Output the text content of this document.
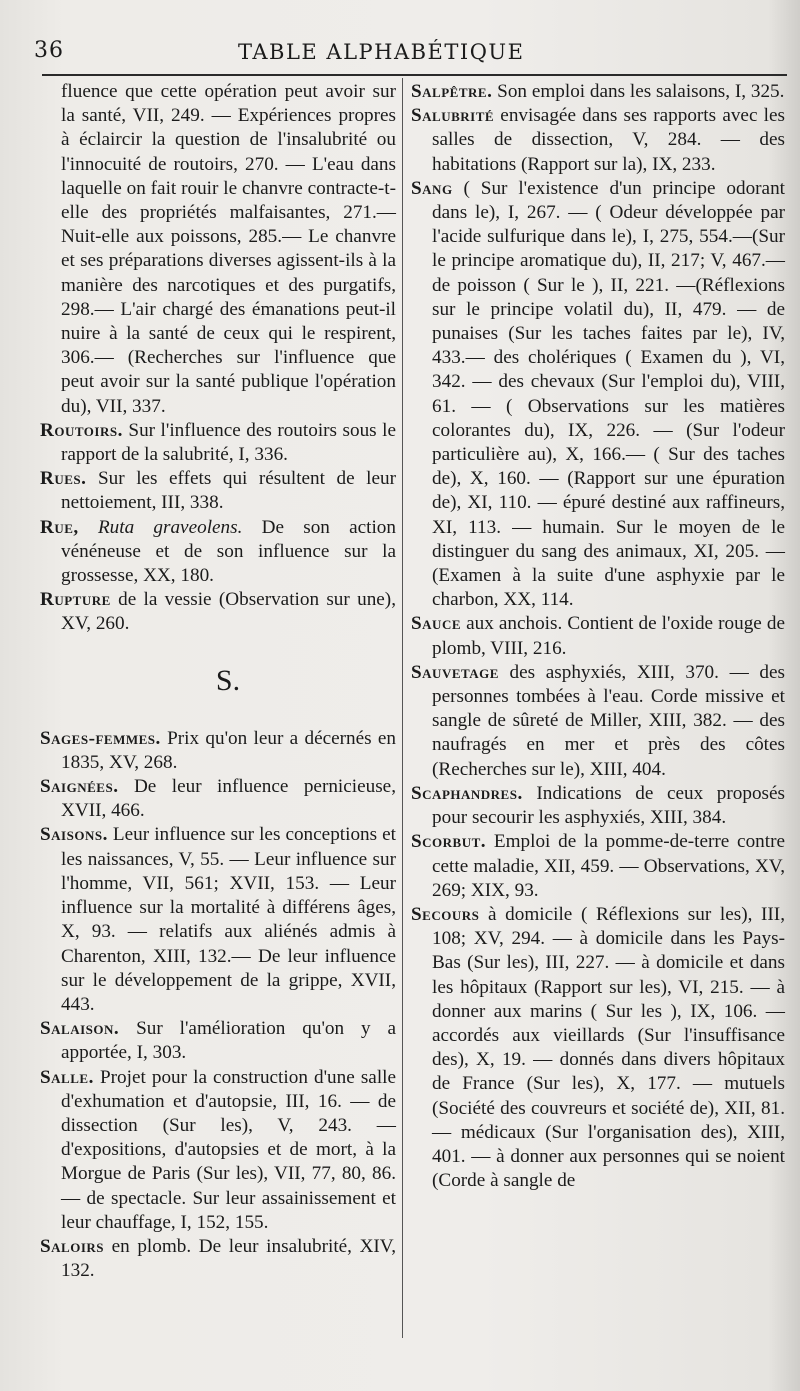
36	TABLE ALPHABÉTIQUE

fluence que cette opération peut avoir sur la santé, VII, 249. — Expériences propres à éclaircir la question de l'insalubrité ou l'innocuité de routoirs, 270. — L'eau dans laquelle on fait rouir le chanvre contracte-t-elle des propriétés malfaisantes, 271.—Nuit-elle aux poissons, 285.— Le chanvre et ses préparations diverses agissent-ils à la manière des narcotiques et des purgatifs, 298.— L'air chargé des émanations peut-il nuire à la santé de ceux qui le respirent, 306.— (Recherches sur l'influence que peut avoir sur la santé publique l'opération du), VII, 337.

Routoirs. Sur l'influence des routoirs sous le rapport de la salubrité, I, 336.

Rues. Sur les effets qui résultent de leur nettoiement, III, 338.

Rue, Ruta graveolens. De son action vénéneuse et de son influence sur la grossesse, XX, 180.

Rupture de la vessie (Observation sur une), XV, 260.

S.

Sages-femmes. Prix qu'on leur a décernés en 1835, XV, 268.

Saignées. De leur influence pernicieuse, XVII, 466.

Saisons. Leur influence sur les conceptions et les naissances, V, 55. — Leur influence sur l'homme, VII, 561; XVII, 153. — Leur influence sur la mortalité à différens âges, X, 93. — relatifs aux aliénés admis à Charenton, XIII, 132.— De leur influence sur le développement de la grippe, XVII, 443.

Salaison. Sur l'amélioration qu'on y a apportée, I, 303.

Salle. Projet pour la construction d'une salle d'exhumation et d'autopsie, III, 16. — de dissection (Sur les), V, 243. — d'expositions, d'autopsies et de mort, à la Morgue de Paris (Sur les), VII, 77, 80, 86.— de spectacle. Sur leur assainissement et leur chauffage, I, 152, 155.

Saloirs en plomb. De leur insalubrité, XIV, 132.

Salpêtre. Son emploi dans les salaisons, I, 325.

Salubrité envisagée dans ses rapports avec les salles de dissection, V, 284. — des habitations (Rapport sur la), IX, 233.

Sang ( Sur l'existence d'un principe odorant dans le), I, 267. — ( Odeur développée par l'acide sulfurique dans le), I, 275, 554.—(Sur le principe aromatique du), II, 217; V, 467.— de poisson ( Sur le ), II, 221. —(Réflexions sur le principe volatil du), II, 479. — de punaises (Sur les taches faites par le), IV, 433.— des cholériques ( Examen du ), VI, 342. — des chevaux (Sur l'emploi du), VIII, 61. — ( Observations sur les matières colorantes du), IX, 226. — (Sur l'odeur particulière au), X, 166.— ( Sur des taches de), X, 160. — (Rapport sur une épuration de), XI, 110. — épuré destiné aux raffineurs, XI, 113. — humain. Sur le moyen de le distinguer du sang des animaux, XI, 205. — (Examen à la suite d'une asphyxie par le charbon, XX, 114.

Sauce aux anchois. Contient de l'oxide rouge de plomb, VIII, 216.

Sauvetage des asphyxiés, XIII, 370. — des personnes tombées à l'eau. Corde missive et sangle de sûreté de Miller, XIII, 382. — des naufragés en mer et près des côtes (Recherches sur le), XIII, 404.

Scaphandres. Indications de ceux proposés pour secourir les asphyxiés, XIII, 384.

Scorbut. Emploi de la pomme-de-terre contre cette maladie, XII, 459. — Observations, XV, 269; XIX, 93.

Secours à domicile ( Réflexions sur les), III, 108; XV, 294. — à domicile dans les Pays-Bas (Sur les), III, 227. — à domicile et dans les hôpitaux (Rapport sur les), VI, 215. — à donner aux marins ( Sur les ), IX, 106. —accordés aux vieillards (Sur l'insuffisance des), X, 19. — donnés dans divers hôpitaux de France (Sur les), X, 177. — mutuels (Société des couvreurs et société de), XII, 81.— médicaux (Sur l'organisation des), XIII, 401. — à donner aux personnes qui se noient (Corde à sangle de
